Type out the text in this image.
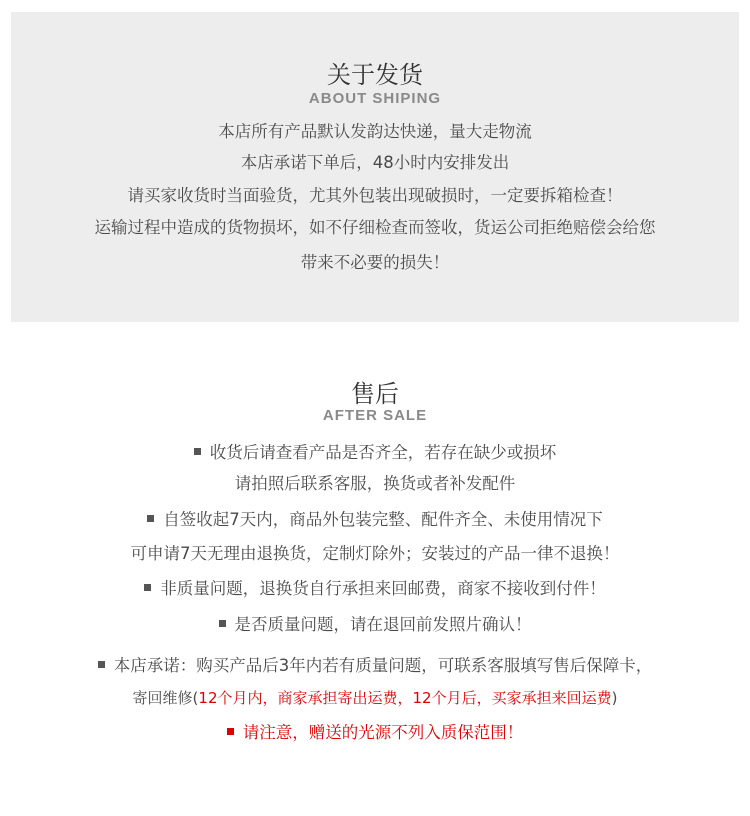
关于发货
ABOUT SHIPING
本店所有产品默认发韵达快递，量大走物流
本店承诺下单后，48小时内安排发出
请买家收货时当面验货，尤其外包装出现破损时，一定要拆箱检查！
运输过程中造成的货物损坏，如不仔细检查而签收，货运公司拒绝赔偿会给您
带来不必要的损失！
售后
AFTER SALE
收货后请查看产品是否齐全，若存在缺少或损坏
请拍照后联系客服，换货或者补发配件
自签收起7天内，商品外包装完整、配件齐全、未使用情况下
可申请7天无理由退换货，定制灯除外；安装过的产品一律不退换！
非质量问题，退换货自行承担来回邮费，商家不接收到付件！
是否质量问题，请在退回前发照片确认！
本店承诺：购买产品后3年内若有质量问题，可联系客服填写售后保障卡，
寄回维修(12个月内，商家承担寄出运费，12个月后，买家承担来回运费)
请注意，赠送的光源不列入质保范围！
